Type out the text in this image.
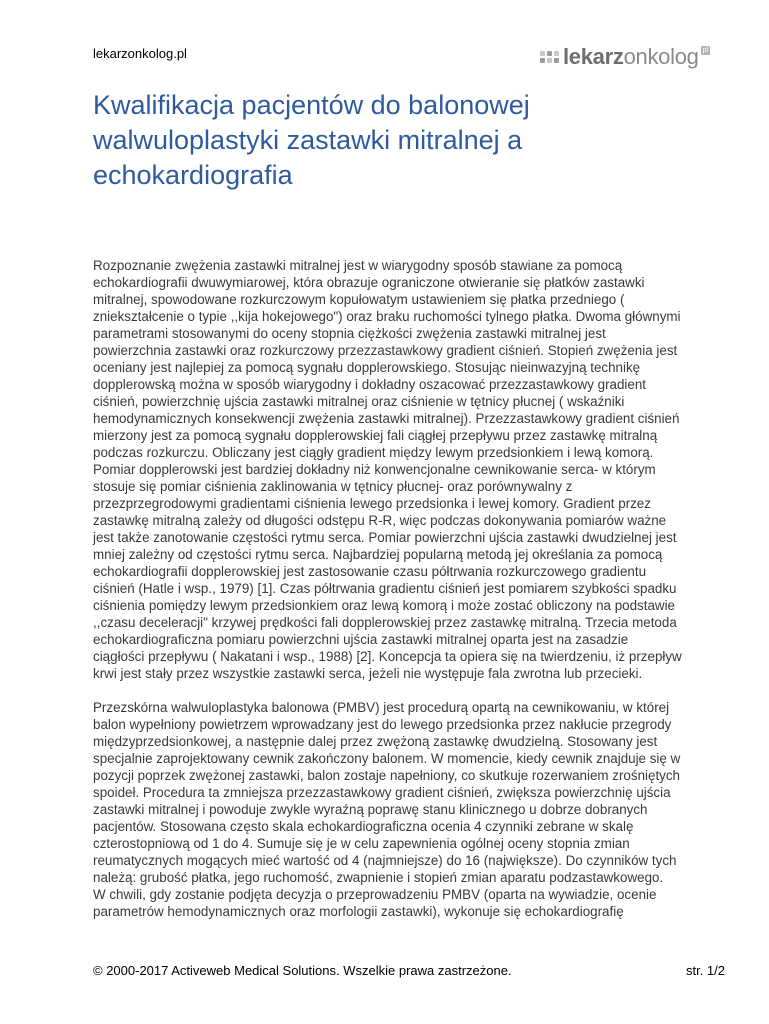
lekarzonkolog.pl	lekarzonkolog pl
Kwalifikacja pacjentów do balonowej
walwuloplastyki zastawki mitralnej a
echokardiografia

Rozpoznanie zwężenia zastawki mitralnej jest w wiarygodny sposób stawiane za pomocą
echokardiografii dwuwymiarowej, która obrazuje ograniczone otwieranie się płatków zastawki
mitralnej, spowodowane rozkurczowym kopułowatym ustawieniem się płatka przedniego (
zniekształcenie o typie ,,kija hokejowego") oraz braku ruchomości tylnego płatka. Dwoma głównymi
parametrami stosowanymi do oceny stopnia ciężkości zwężenia zastawki mitralnej jest
powierzchnia zastawki oraz rozkurczowy przezzastawkowy gradient ciśnień. Stopień zwężenia jest
oceniany jest najlepiej za pomocą sygnału dopplerowskiego. Stosując nieinwazyjną technikę
dopplerowską można w sposób wiarygodny i dokładny oszacować przezzastawkowy gradient
ciśnień, powierzchnię ujścia zastawki mitralnej oraz ciśnienie w tętnicy płucnej ( wskaźniki
hemodynamicznych konsekwencji zwężenia zastawki mitralnej). Przezzastawkowy gradient ciśnień
mierzony jest za pomocą sygnału dopplerowskiej fali ciągłej przepływu przez zastawkę mitralną
podczas rozkurczu. Obliczany jest ciągły gradient między lewym przedsionkiem i lewą komorą.
Pomiar dopplerowski jest bardziej dokładny niż konwencjonalne cewnikowanie serca- w którym
stosuje się pomiar ciśnienia zaklinowania w tętnicy płucnej- oraz porównywalny z
przezprzegrodowymi gradientami ciśnienia lewego przedsionka i lewej komory. Gradient przez
zastawkę mitralną zależy od długości odstępu R-R, więc podczas dokonywania pomiarów ważne
jest także zanotowanie częstości rytmu serca. Pomiar powierzchni ujścia zastawki dwudzielnej jest
mniej zależny od częstości rytmu serca. Najbardziej popularną metodą jej określania za pomocą
echokardiografii dopplerowskiej jest zastosowanie czasu półtrwania rozkurczowego gradientu
ciśnień (Hatle i wsp., 1979) [1]. Czas półtrwania gradientu ciśnień jest pomiarem szybkości spadku
ciśnienia pomiędzy lewym przedsionkiem oraz lewą komorą i może zostać obliczony na podstawie
,,czasu deceleracji" krzywej prędkości fali dopplerowskiej przez zastawkę mitralną. Trzecia metoda
echokardiograficzna pomiaru powierzchni ujścia zastawki mitralnej oparta jest na zasadzie
ciągłości przepływu ( Nakatani i wsp., 1988) [2]. Koncepcja ta opiera się na twierdzeniu, iż przepływ
krwi jest stały przez wszystkie zastawki serca, jeżeli nie występuje fala zwrotna lub przecieki.

Przezskórna walwuloplastyka balonowa (PMBV) jest procedurą opartą na cewnikowaniu, w której
balon wypełniony powietrzem wprowadzany jest do lewego przedsionka przez nakłucie przegrody
międzyprzedsionkowej, a następnie dalej przez zwężoną zastawkę dwudzielną. Stosowany jest
specjalnie zaprojektowany cewnik zakończony balonem. W momencie, kiedy cewnik znajduje się w
pozycji poprzek zwężonej zastawki, balon zostaje napełniony, co skutkuje rozerwaniem zrośniętych
spoideł. Procedura ta zmniejsza przezzastawkowy gradient ciśnień, zwiększa powierzchnię ujścia
zastawki mitralnej i powoduje zwykle wyraźną poprawę stanu klinicznego u dobrze dobranych
pacjentów. Stosowana często skala echokardiograficzna ocenia 4 czynniki zebrane w skalę
czterostopniową od 1 do 4. Sumuje się je w celu zapewnienia ogólnej oceny stopnia zmian
reumatycznych mogących mieć wartość od 4 (najmniejsze) do 16 (największe). Do czynników tych
należą: grubość płatka, jego ruchomość, zwapnienie i stopień zmian aparatu podzastawkowego.
W chwili, gdy zostanie podjęta decyzja o przeprowadzeniu PMBV (oparta na wywiadzie, ocenie
parametrów hemodynamicznych oraz morfologii zastawki), wykonuje się echokardiografię

© 2000-2017 Activeweb Medical Solutions. Wszelkie prawa zastrzeżone.	str. 1/2
